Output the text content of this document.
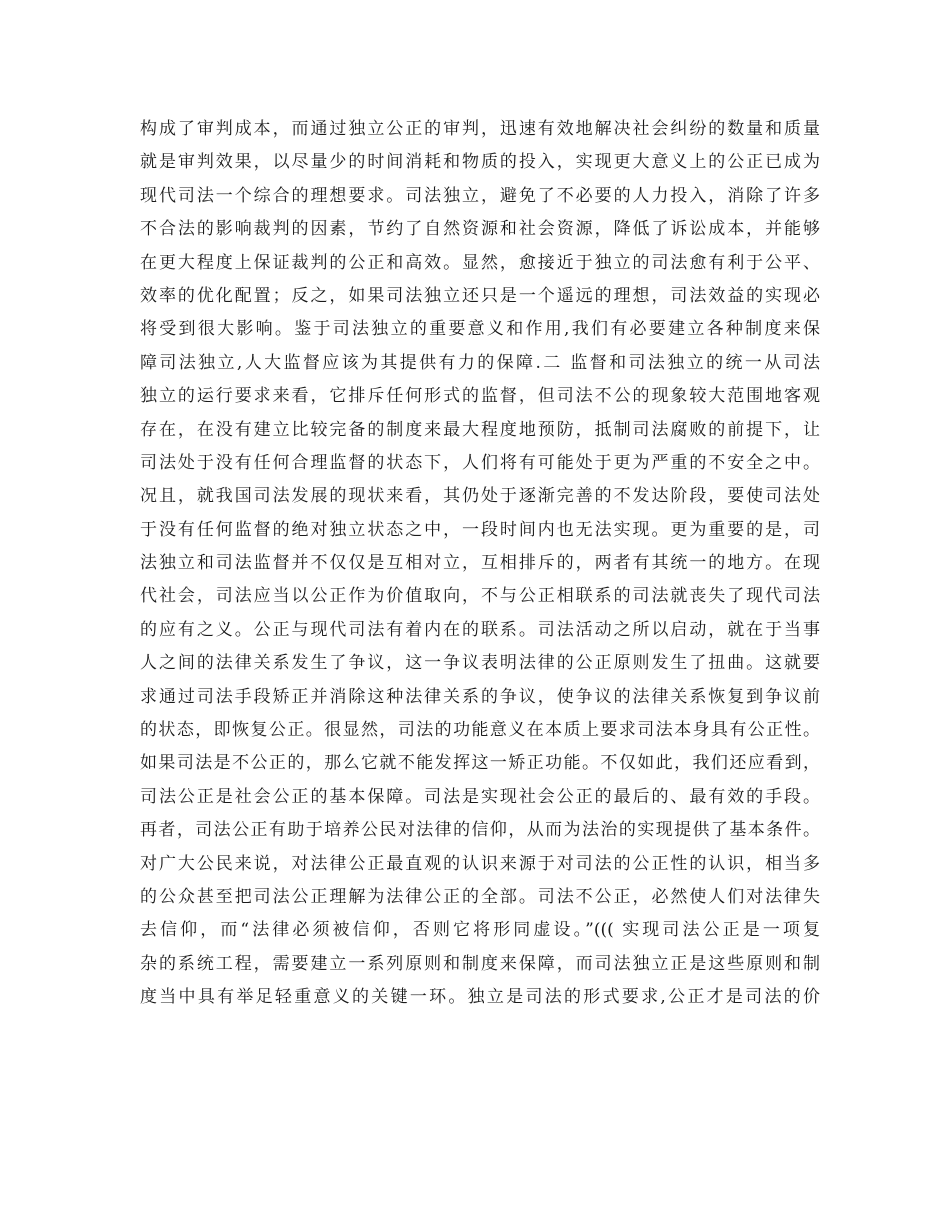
构成了审判成本，而通过独立公正的审判，迅速有效地解决社会纠纷的数量和质量
就是审判效果，以尽量少的时间消耗和物质的投入，实现更大意义上的公正已成为
现代司法一个综合的理想要求。司法独立，避免了不必要的人力投入，消除了许多
不合法的影响裁判的因素，节约了自然资源和社会资源，降低了诉讼成本，并能够
在更大程度上保证裁判的公正和高效。显然，愈接近于独立的司法愈有利于公平、
效率的优化配置；反之，如果司法独立还只是一个遥远的理想，司法效益的实现必
将受到很大影响。鉴于司法独立的重要意义和作用,我们有必要建立各种制度来保
障司法独立,人大监督应该为其提供有力的保障.二 监督和司法独立的统一从司法
独立的运行要求来看，它排斥任何形式的监督，但司法不公的现象较大范围地客观
存在，在没有建立比较完备的制度来最大程度地预防，抵制司法腐败的前提下，让
司法处于没有任何合理监督的状态下，人们将有可能处于更为严重的不安全之中。
况且，就我国司法发展的现状来看，其仍处于逐渐完善的不发达阶段，要使司法处
于没有任何监督的绝对独立状态之中，一段时间内也无法实现。更为重要的是，司
法独立和司法监督并不仅仅是互相对立，互相排斥的，两者有其统一的地方。在现
代社会，司法应当以公正作为价值取向，不与公正相联系的司法就丧失了现代司法
的应有之义。公正与现代司法有着内在的联系。司法活动之所以启动，就在于当事
人之间的法律关系发生了争议，这一争议表明法律的公正原则发生了扭曲。这就要
求通过司法手段矫正并消除这种法律关系的争议，使争议的法律关系恢复到争议前
的状态，即恢复公正。很显然，司法的功能意义在本质上要求司法本身具有公正性。
如果司法是不公正的，那么它就不能发挥这一矫正功能。不仅如此，我们还应看到，
司法公正是社会公正的基本保障。司法是实现社会公正的最后的、最有效的手段。
再者，司法公正有助于培养公民对法律的信仰，从而为法治的实现提供了基本条件。
对广大公民来说，对法律公正最直观的认识来源于对司法的公正性的认识，相当多
的公众甚至把司法公正理解为法律公正的全部。司法不公正，必然使人们对法律失
去信仰，而“法律必须被信仰，否则它将形同虚设。”((( 实现司法公正是一项复
杂的系统工程，需要建立一系列原则和制度来保障，而司法独立正是这些原则和制
度当中具有举足轻重意义的关键一环。独立是司法的形式要求,公正才是司法的价
